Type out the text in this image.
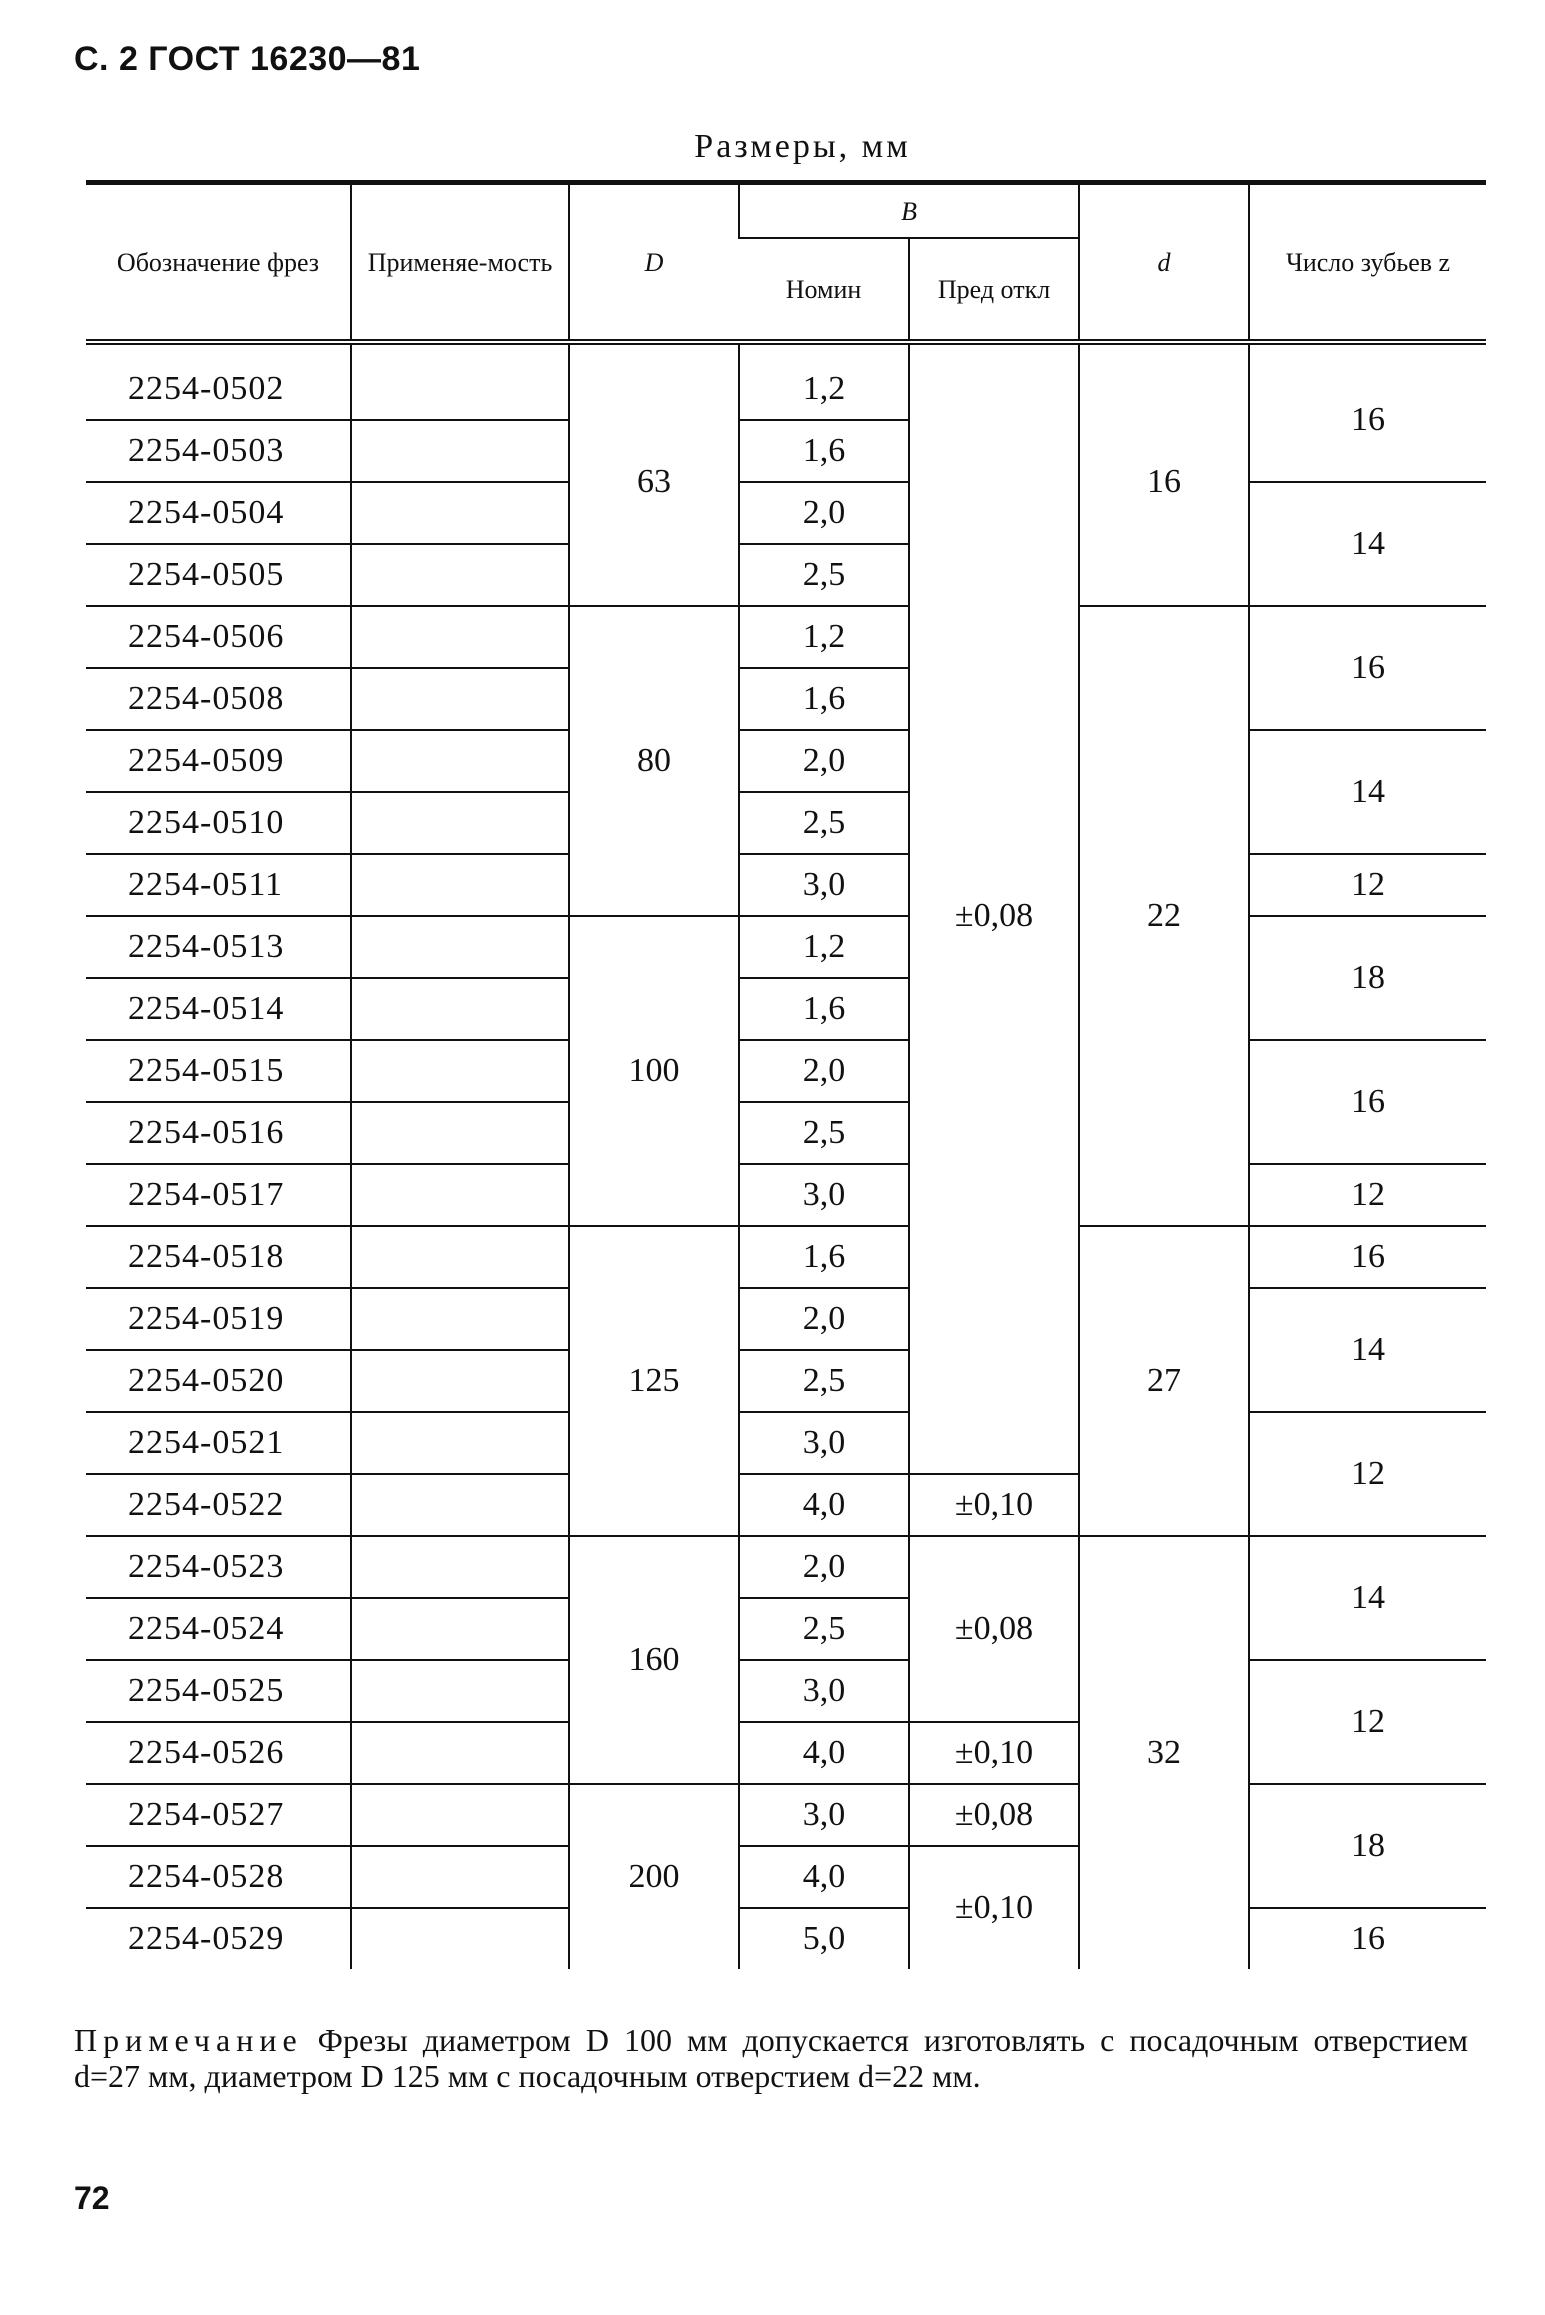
С. 2 ГОСТ 16230—81
Размеры, мм
Обозначение фрез	Применяе-мость	D	B		d	Число зубьев z
			Номин	Пред откл		

2254-0502		63	1,2	±0,08	16	16
2254-0503			1,6			
2254-0504			2,0			14
2254-0505			2,5			
2254-0506		80	1,2		22	16
2254-0508			1,6			
2254-0509			2,0			14
2254-0510			2,5			
2254-0511			3,0			12
2254-0513		100	1,2			18
2254-0514			1,6			
2254-0515			2,0			16
2254-0516			2,5			
2254-0517			3,0			12
2254-0518		125	1,6		27	16
2254-0519			2,0			14
2254-0520			2,5			
2254-0521			3,0			12
2254-0522			4,0	±0,10		
2254-0523		160	2,0	±0,08	32	14
2254-0524			2,5			
2254-0525			3,0			12
2254-0526			4,0	±0,10		
2254-0527		200	3,0	±0,08		18
2254-0528			4,0	±0,10		
2254-0529			5,0			16
Примечание Фрезы диаметром D 100 мм допускается изготовлять с посадочным отверстием d=27 мм, диаметром D 125 мм с посадочным отверстием d=22 мм.
72
